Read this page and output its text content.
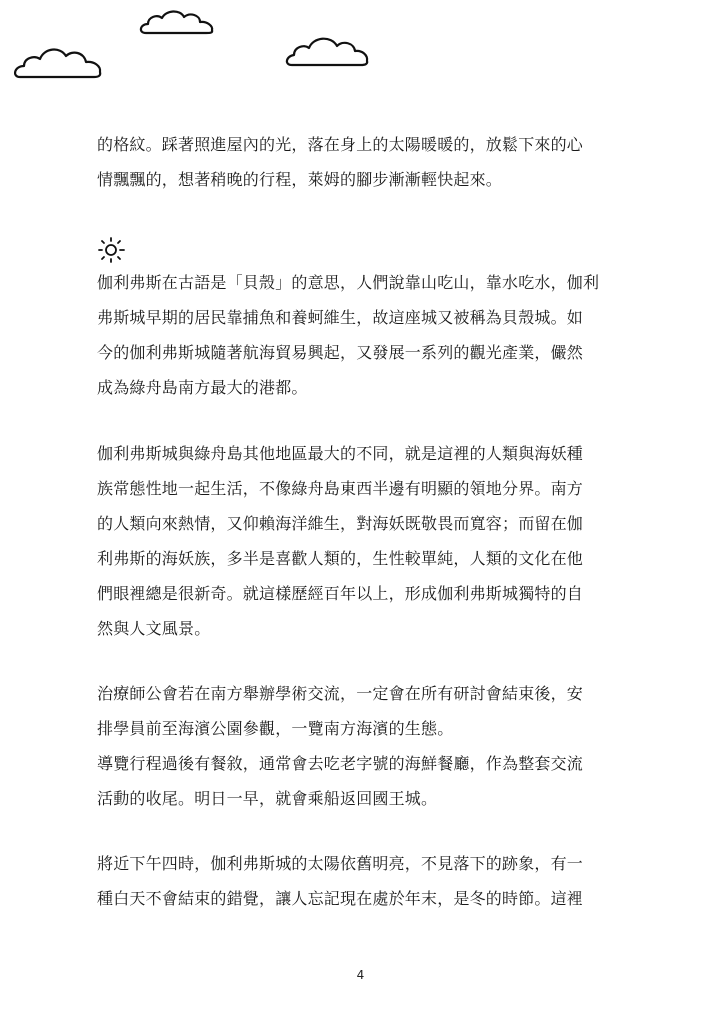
的格紋。踩著照進屋內的光，落在身上的太陽暖暖的，放鬆下來的心

情飄飄的，想著稍晚的行程，萊姆的腳步漸漸輕快起來。

伽利弗斯在古語是「貝殼」的意思，人們說靠山吃山，靠水吃水，伽利

弗斯城早期的居民靠捕魚和養蚵維生，故這座城又被稱為貝殼城。如

今的伽利弗斯城隨著航海貿易興起，又發展一系列的觀光產業，儼然

成為綠舟島南方最大的港都。

伽利弗斯城與綠舟島其他地區最大的不同，就是這裡的人類與海妖種

族常態性地一起生活，不像綠舟島東西半邊有明顯的領地分界。南方

的人類向來熱情，又仰賴海洋維生，對海妖既敬畏而寬容；而留在伽

利弗斯的海妖族，多半是喜歡人類的，生性較單純，人類的文化在他

們眼裡總是很新奇。就這樣歷經百年以上，形成伽利弗斯城獨特的自

然與人文風景。

治療師公會若在南方舉辦學術交流，一定會在所有研討會結束後，安

排學員前至海濱公園參觀，一覽南方海濱的生態。

導覽行程過後有餐敘，通常會去吃老字號的海鮮餐廳，作為整套交流

活動的收尾。明日一早，就會乘船返回國王城。

將近下午四時，伽利弗斯城的太陽依舊明亮，不見落下的跡象，有一

種白天不會結束的錯覺，讓人忘記現在處於年末，是冬的時節。這裡

4
